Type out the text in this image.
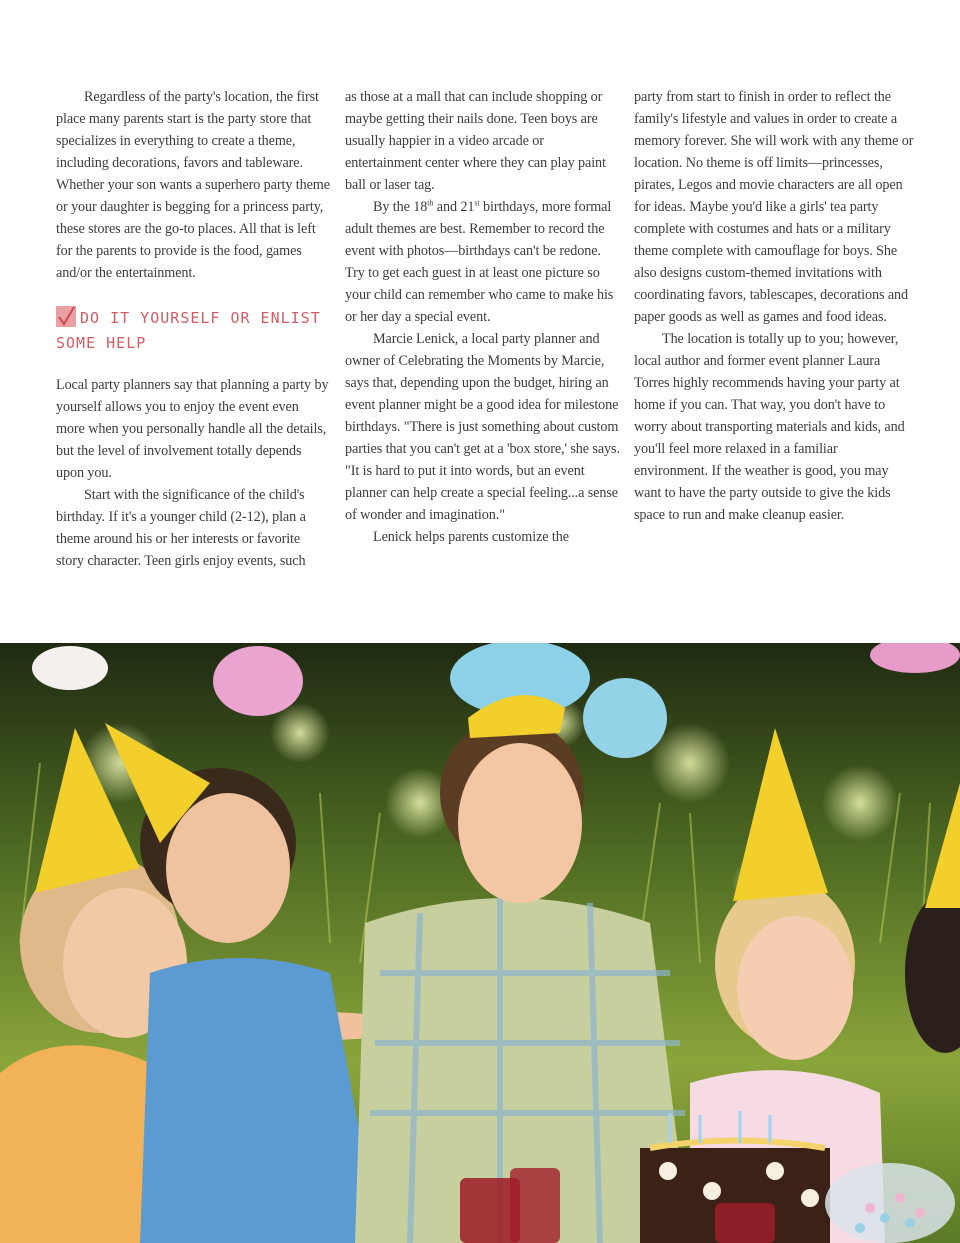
Regardless of the party's location, the first place many parents start is the party store that specializes in everything to create a theme, including decorations, favors and tableware. Whether your son wants a superhero party theme or your daughter is begging for a princess party, these stores are the go-to places. All that is left for the parents to provide is the food, games and/or the entertainment.

DO IT YOURSELF OR ENLIST SOME HELP

Local party planners say that planning a party by yourself allows you to enjoy the event even more when you personally handle all the details, but the level of involvement totally depends upon you.

Start with the significance of the child's birthday. If it's a younger child (2-12), plan a theme around his or her interests or favorite story character. Teen girls enjoy events, such

as those at a mall that can include shopping or maybe getting their nails done. Teen boys are usually happier in a video arcade or entertainment center where they can play paint ball or laser tag.

By the 18th and 21st birthdays, more formal adult themes are best. Remember to record the event with photos—birthdays can't be redone. Try to get each guest in at least one picture so your child can remember who came to make his or her day a special event.

Marcie Lenick, a local party planner and owner of Celebrating the Moments by Marcie, says that, depending upon the budget, hiring an event planner might be a good idea for milestone birthdays. "There is just something about custom parties that you can't get at a 'box store,' she says. "It is hard to put it into words, but an event planner can help create a special feeling...a sense of wonder and imagination."

Lenick helps parents customize the

party from start to finish in order to reflect the family's lifestyle and values in order to create a memory forever. She will work with any theme or location. No theme is off limits—princesses, pirates, Legos and movie characters are all open for ideas. Maybe you'd like a girls' tea party complete with costumes and hats or a military theme complete with camouflage for boys. She also designs custom-themed invitations with coordinating favors, tablescapes, decorations and paper goods as well as games and food ideas.

The location is totally up to you; however, local author and former event planner Laura Torres highly recommends having your party at home if you can. That way, you don't have to worry about transporting materials and kids, and you'll feel more relaxed in a familiar environment. If the weather is good, you may want to have the party outside to give the kids space to run and make cleanup easier.
